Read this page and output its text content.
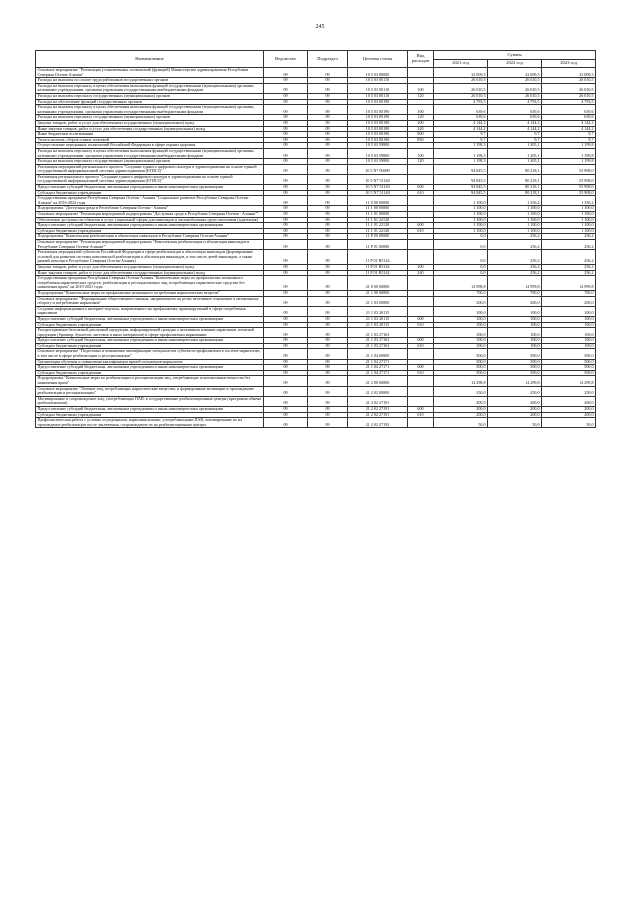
245
Наименование	Ведомство	Подраздел	Целевая статья	Вид расходов	Суммы		
					2021 год	2022 год	2023 год
Основное мероприятие "Реализация установленных полномочий (функций) Министерства здравоохранения Республики Северная Осетия-Алания"	09	09	10 5 03 00000		32 009,3	32 009,3	32 009,3
Расходы на выплаты по оплате труда работников государственных органов	09	09	10 5 03 00110		26 010,5	26 010,5	26 010,5
Расходы на выплаты персоналу в целях обеспечения выполнения функций государственными (муниципальными) органами, казенными учреждениями, органами управления государственными внебюджетными фондами	09	09	10 5 03 00110	100	26 010,5	26 010,5	26 010,5
Расходы на выплаты персоналу государственных (муниципальных) органов	09	09	10 5 03 00110	120	26 010,5	26 010,5	26 010,5
Расходы на обеспечение функций государственных органов	09	09	10 5 03 00190		4 793,5	4 793,5	4 793,5
Расходы на выплаты персоналу в целях обеспечения выполнения функций государственными (муниципальными) органами, казенными учреждениями, органами управления государственными внебюджетными фондами	09	09	10 5 03 00190	100	639,6	639,6	639,6
Расходы на выплаты персоналу государственных (муниципальных) органов	09	09	10 5 03 00190	120	639,6	639,6	639,6
Закупка товаров, работ и услуг для обеспечения государственных (муниципальных) нужд	09	09	10 5 03 00190	200	4 144,2	4 144,2	4 144,2
Иные закупки товаров, работ и услуг для обеспечения государственных (муниципальных) нужд	09	09	10 5 03 00190	240	4 144,2	4 144,2	4 144,2
Иные бюджетные ассигнования	09	09	10 5 03 00190	800	9,7	9,7	9,7
Уплата налогов, сборов и иных платежей	09	09	10 5 03 00190	850	9,7	9,7	9,7
Осуществление переданных полномочий Российской Федерации в сфере охраны здоровья	09	09	10 5 03 59800		1 198,3	1 205,1	1 199,8
Расходы на выплаты персоналу в целях обеспечения выполнения функций государственными (муниципальными) органами, казенными учреждениями, органами управления государственными внебюджетными фондами	09	09	10 5 03 59800	100	1 198,3	1 205,1	1 199,8
Расходы на выплаты персоналу государственных (муниципальных) органов	09	09	10 5 03 59800	120	1 198,3	1 205,1	1 199,8
Реализация мероприятий регионального проекта "Создание единого цифрового контура в здравоохранении на основе единой государственной информационной системы здравоохранения (ЕГИСЗ)"	09	09	10 5 N7 00000		94 845,5	80 218,1	55 908,0
Реализация регионального проекта "Создание единого цифрового контура в здравоохранении на основе единой государственной информационной системы здравоохранения (ЕГИСЗ)"	09	09	10 5 N7 51140		94 845,5	80 218,1	55 908,0
Предоставление субсидий бюджетным, автономным учреждениям и иным некоммерческим организациям	09	09	10 5 N7 51140	600	94 845,5	80 218,1	55 908,0
Субсидии бюджетным учреждениям	09	09	10 5 N7 51140	610	94 845,5	80 218,1	55 908,0
Государственная программа Республики Северная Осетия - Алания "Социальное развитие Республики Северная Осетия - Алания" на 2016-2024 годы	09	09	11 0 00 00000		1 100,0	1 356,2	1 356,2
Подпрограмма "Доступная среда в Республике Северная Осетия - Алания"	09	09	11 1 00 00000		1 100,0	1 100,0	1 100,0
Основное мероприятие "Реализация мероприятий подпрограммы "Доступная среда в Республике Северная Осетия - Алания""	09	09	11 1 01 00000		1 100,0	1 100,0	1 100,0
Обеспечение доступности объектов и услуг социальной сферы для инвалидов и маломобильных групп населения (адаптация)	09	09	11 1 01 22120		1 100,0	1 100,0	1 100,0
Предоставление субсидий бюджетным, автономным учреждениям и иным некоммерческим организациям	09	09	11 1 01 22120	600	1 100,0	1 100,0	1 100,0
Субсидии бюджетным учреждениям	09	09	11 1 01 22120	610	1 100,0	1 100,0	1 100,0
Подпрограмма "Комплексная реабилитация и абилитация инвалидов в Республике Северная Осетия-Алания"	09	09	11 P 00 00000		0,0	256,2	256,2
Основное мероприятие "Реализация мероприятий подпрограммы "Комплексная реабилитация и абилитация инвалидов в Республике Северная Осетия-Алания""	09	09	11 P 01 00000		0,0	256,2	256,2
Реализация мероприятий субъектов Российской Федерации в сфере реабилитации и абилитации инвалидов (формирование условий для развития системы комплексной реабилитации и абилитации инвалидов, в том числе детей-инвалидов, а также ранней помощи в Республике Северная Осетия-Алания)	09	09	11 P 01 R5142		0,0	256,2	256,2
Закупка товаров, работ и услуг для обеспечения государственных (муниципальных) нужд	09	09	11 P 01 R5142	200	0,0	256,2	256,2
Иные закупки товаров, работ и услуг для обеспечения государственных (муниципальных) нужд	09	09	11 P 01 R5142	240	0,0	256,2	256,2
Государственная программа Республики Северная Осетия-Алания "Комплексные меры по профилактике незаконного потребления наркотических средств, реабилитации и ресоциализации лиц, потребляющих наркотические средства без назначения врача" на 2019-2021 годы	09	09	21 0 00 00000		14 998,8	14 999,8	14 999,8
Подпрограмма "Комплексные меры по профилактике незаконного потребления наркотических веществ"	09	09	21 1 00 00000		700,0	700,0	700,0
Основное мероприятие "Формирование общественного мнения, направленного на резко негативное отношение к незаконному обороту и потреблению наркотиков"	09	09	21 1 03 00000		200,0	200,0	200,0
Создание информационного интернет-портала, направленного на профилактику правонарушений в сфере потребления наркотиков	09	09	21 1 03 20115		100,0	100,0	100,0
Предоставление субсидий бюджетным, автономным учреждениям и иным некоммерческим организациям	09	09	21 1 03 20115	600	100,0	100,0	100,0
Субсидии бюджетным учреждениям	09	09	21 1 03 20115	610	100,0	100,0	100,0
Распространение бесплатной рекламной продукции, информирующей граждан о негативном влиянии наркотиков, печатной продукции (брошюр, буклетов, листовок и иных материалов) в сфере профилактики наркомании	09	09	21 1 03 27163		100,0	100,0	100,0
Предоставление субсидий бюджетным, автономным учреждениям и иным некоммерческим организациям	09	09	21 1 03 27163	600	100,0	100,0	100,0
Субсидии бюджетным учреждениям	09	09	21 1 03 27163	610	100,0	100,0	100,0
Основное мероприятие "Подготовка и повышение квалификации специалистов субъектов профилактики в системе наркологии, в том числе в сфере реабилитации и ресоциализации"	09	09	21 1 04 00000		500,0	500,0	500,0
Организация обучения и повышения квалификации врачей психиатров-наркологов	09	09	21 1 04 27171		500,0	500,0	500,0
Предоставление субсидий бюджетным, автономным учреждениям и иным некоммерческим организациям	09	09	21 1 04 27171	600	500,0	500,0	500,0
Субсидии бюджетным учреждениям	09	09	21 1 04 27171	610	500,0	500,0	500,0
Подпрограмма "Комплексные меры по реабилитации и ресоциализации лиц, потребляющих психоактивные вещества без назначения врача"	09	09	21 2 00 00000		14 298,8	14 299,8	14 299,8
Основное мероприятие "Лечение лиц, потребляющих наркотические вещества, и формирование мотивации к прохождению реабилитации и ресоциализации"	09	09	21 2 02 00000		250,0	250,0	250,0
Мотивирование и сопровождение лиц, употребляющих ПАВ, в государственные реабилитационные центры (программа обмена реабилитантами)	09	09	21 2 02 27191		200,0	200,0	200,0
Предоставление субсидий бюджетным, автономным учреждениям и иным некоммерческим организациям	09	09	21 2 02 27191	600	200,0	200,0	200,0
Субсидии бюджетным учреждениям	09	09	21 2 02 27191	610	200,0	200,0	200,0
Профилактическая работа с условно осужденными, наркозависимыми, употребляющими ПАВ, мотивирование их на прохождение реабилитации после заключения, сопровождение их на реабилитационные центры	09	09	21 2 02 27192		50,0	50,0	50,0
